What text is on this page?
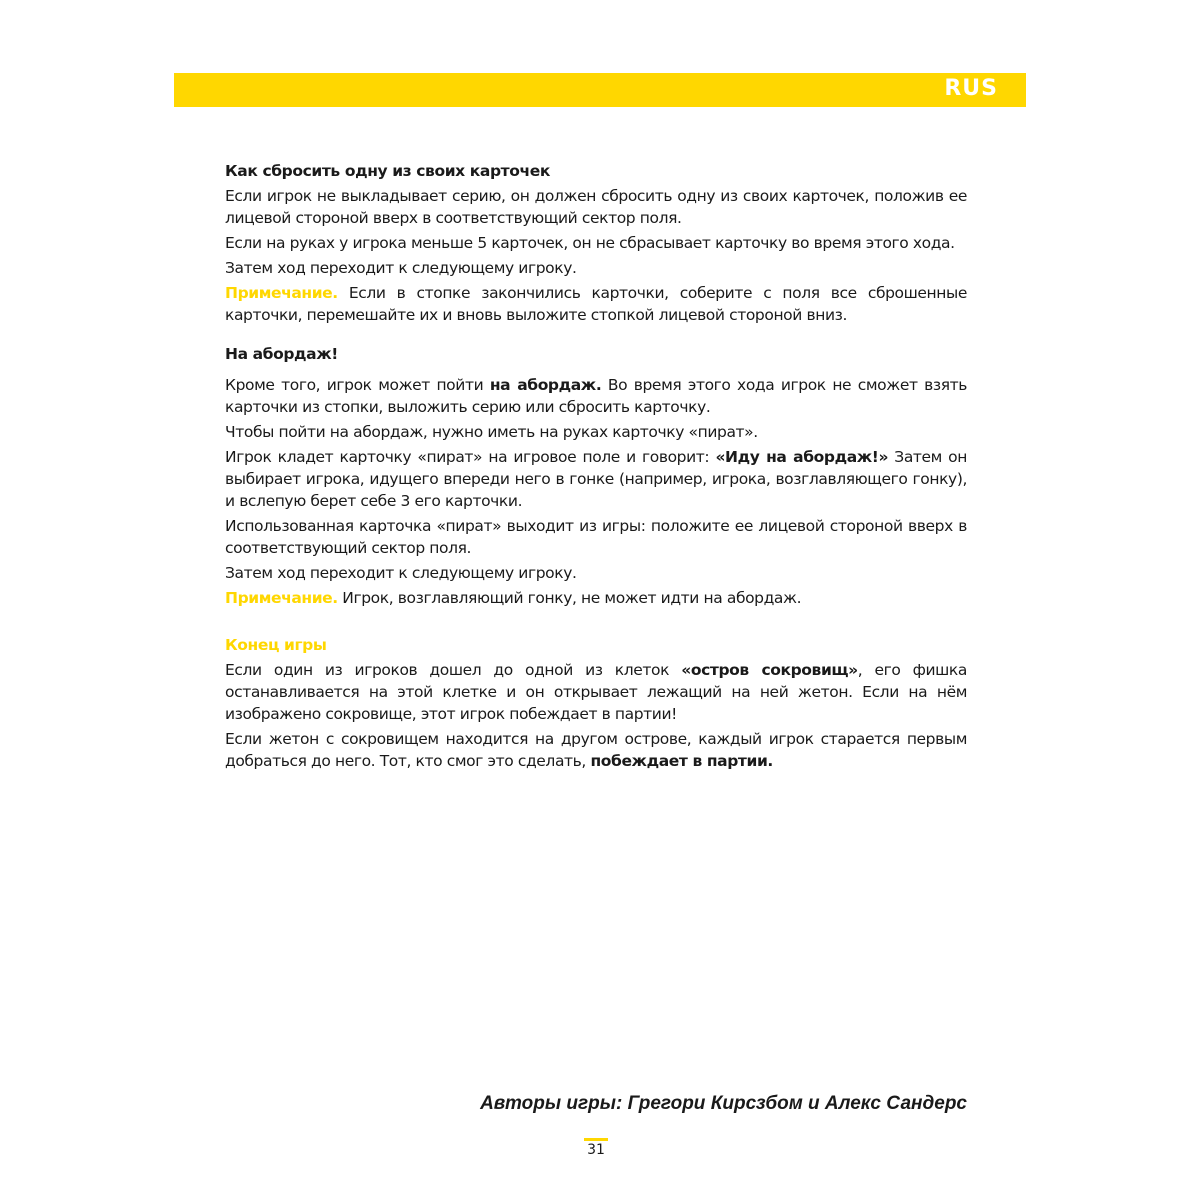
RUS

Как сбросить одну из своих карточек

Если игрок не выкладывает серию, он должен сбросить одну из своих карточек, положив ее лицевой стороной вверх в соответствующий сектор поля.

Если на руках у игрока меньше 5 карточек, он не сбрасывает карточку во время этого хода.

Затем ход переходит к следующему игроку.

Примечание. Если в стопке закончились карточки, соберите с поля все сброшенные карточки, перемешайте их и вновь выложите стопкой лицевой стороной вниз.

На абордаж!

Кроме того, игрок может пойти на абордаж. Во время этого хода игрок не сможет взять карточки из стопки, выложить серию или сбросить карточку.

Чтобы пойти на абордаж, нужно иметь на руках карточку «пират».

Игрок кладет карточку «пират» на игровое поле и говорит: «Иду на абордаж!» Затем он выбирает игрока, идущего впереди него в гонке (например, игрока, возглавляющего гонку), и вслепую берет себе 3 его карточки.

Использованная карточка «пират» выходит из игры: положите ее лицевой стороной вверх в соответствующий сектор поля.

Затем ход переходит к следующему игроку.

Примечание. Игрок, возглавляющий гонку, не может идти на абордаж.

Конец игры

Если один из игроков дошел до одной из клеток «остров сокровищ», его фишка останавливается на этой клетке и он открывает лежащий на ней жетон. Если на нём изображено сокровище, этот игрок побеждает в партии!

Если жетон с сокровищем находится на другом острове, каждый игрок старается первым добраться до него. Тот, кто смог это сделать, побеждает в партии.

Авторы игры: Грегори Кирсзбом и Алекс Сандерс
31
